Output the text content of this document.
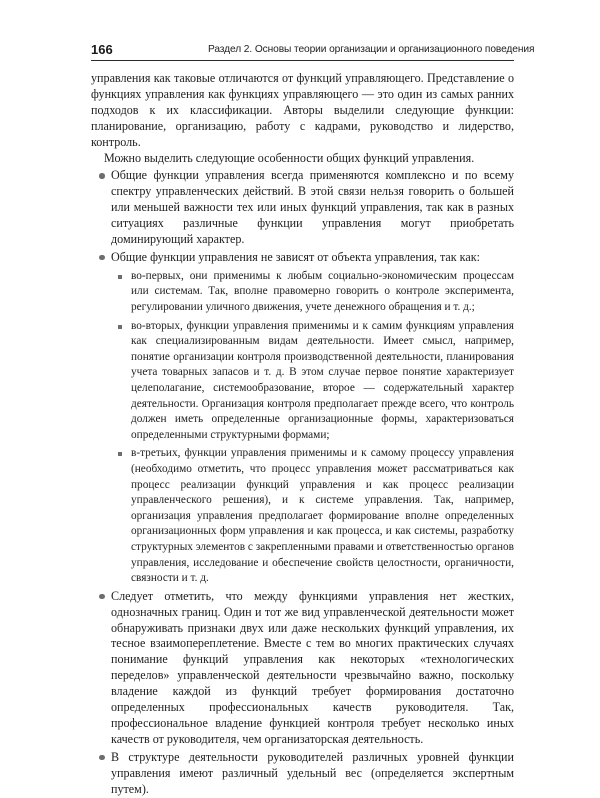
166	Раздел 2. Основы теории организации и организационного поведения

управления как таковые отличаются от функций управляющего. Представление о функциях управления как функциях управляющего — это один из самых ранних подходов к их классификации. Авторы выделили следующие функции: планирование, организацию, работу с кадрами, руководство и лидерство, контроль.

Можно выделить следующие особенности общих функций управления.

Общие функции управления всегда применяются комплексно и по всему спектру управленческих действий. В этой связи нельзя говорить о большей или меньшей важности тех или иных функций управления, так как в разных ситуациях различные функции управления могут приобретать доминирующий характер.
Общие функции управления не зависят от объекта управления, так как:
во-первых, они применимы к любым социально-экономическим процессам или системам. Так, вполне правомерно говорить о контроле эксперимента, регулировании уличного движения, учете денежного обращения и т. д.;
во-вторых, функции управления применимы и к самим функциям управления как специализированным видам деятельности. Имеет смысл, например, понятие организации контроля производственной деятельности, планирования учета товарных запасов и т. д. В этом случае первое понятие характеризует целеполагание, системообразование, второе — содержательный характер деятельности. Организация контроля предполагает прежде всего, что контроль должен иметь определенные организационные формы, характеризоваться определенными структурными формами;
в-третьих, функции управления применимы и к самому процессу управления (необходимо отметить, что процесс управления может рассматриваться как процесс реализации функций управления и как процесс реализации управленческого решения), и к системе управления. Так, например, организация управления предполагает формирование вполне определенных организационных форм управления и как процесса, и как системы, разработку структурных элементов с закрепленными правами и ответственностью органов управления, исследование и обеспечение свойств целостности, органичности, связности и т. д.
Следует отметить, что между функциями управления нет жестких, однозначных границ. Один и тот же вид управленческой деятельности может обнаруживать признаки двух или даже нескольких функций управления, их тесное взаимопереплетение. Вместе с тем во многих практических случаях понимание функций управления как некоторых «технологических переделов» управленческой деятельности чрезвычайно важно, поскольку владение каждой из функций требует формирования достаточно определенных профессиональных качеств руководителя. Так, профессиональное владение функцией контроля требует несколько иных качеств от руководителя, чем организаторская деятельность.
В структуре деятельности руководителей различных уровней функции управления имеют различный удельный вес (определяется экспертным путем).
